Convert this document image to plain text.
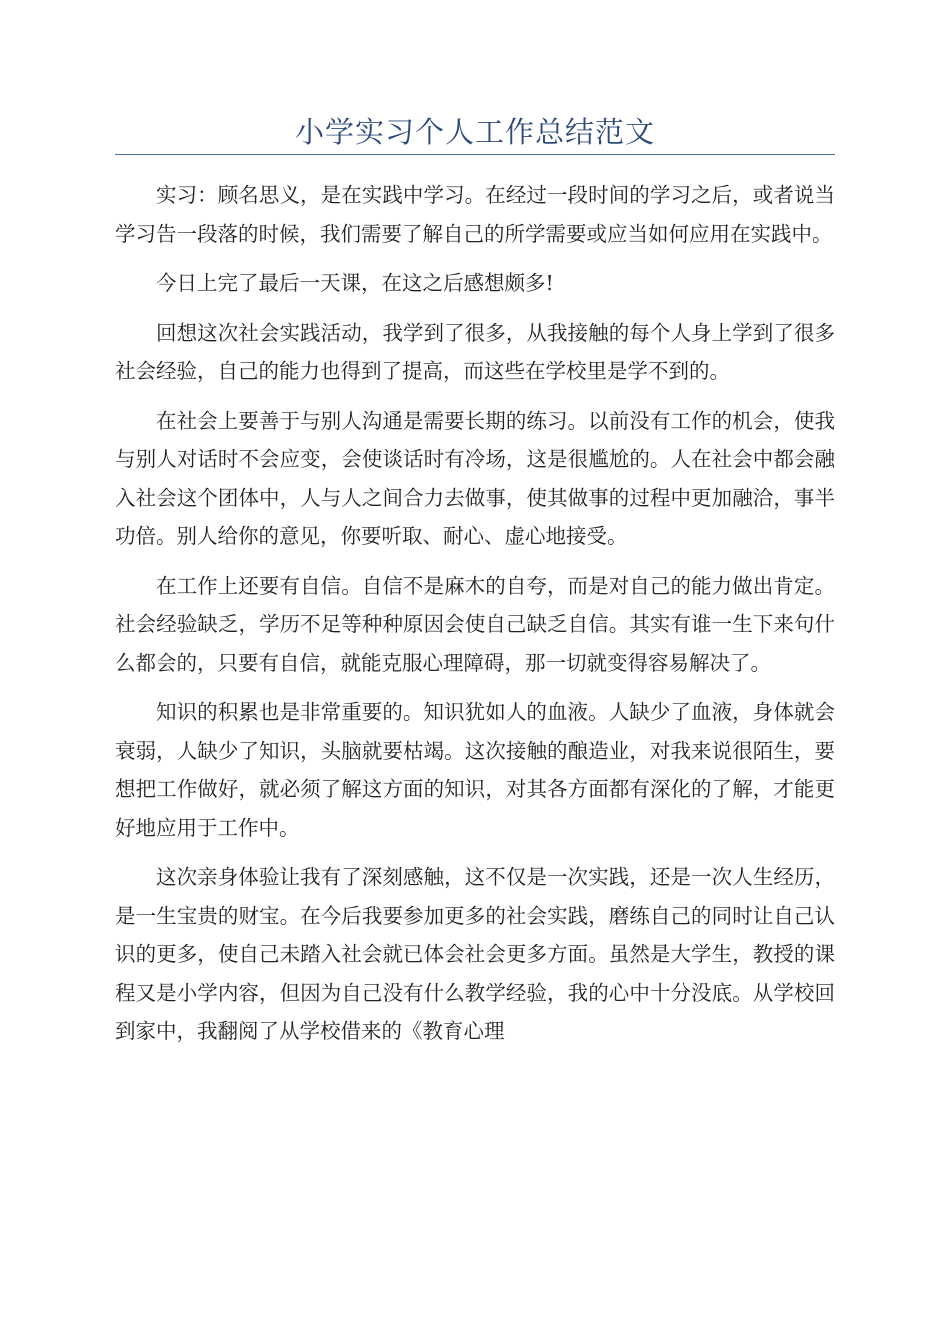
小学实习个人工作总结范文

实习：顾名思义，是在实践中学习。在经过一段时间的学习之后，或者说当学习告一段落的时候，我们需要了解自己的所学需要或应当如何应用在实践中。

今日上完了最后一天课，在这之后感想颇多!

回想这次社会实践活动，我学到了很多，从我接触的每个人身上学到了很多社会经验，自己的能力也得到了提高，而这些在学校里是学不到的。

在社会上要善于与别人沟通是需要长期的练习。以前没有工作的机会，使我与别人对话时不会应变，会使谈话时有冷场，这是很尴尬的。人在社会中都会融入社会这个团体中，人与人之间合力去做事，使其做事的过程中更加融洽，事半功倍。别人给你的意见，你要听取、耐心、虚心地接受。

在工作上还要有自信。自信不是麻木的自夸，而是对自己的能力做出肯定。社会经验缺乏，学历不足等种种原因会使自己缺乏自信。其实有谁一生下来句什么都会的，只要有自信，就能克服心理障碍，那一切就变得容易解决了。

知识的积累也是非常重要的。知识犹如人的血液。人缺少了血液，身体就会衰弱，人缺少了知识，头脑就要枯竭。这次接触的酿造业，对我来说很陌生，要想把工作做好，就必须了解这方面的知识，对其各方面都有深化的了解，才能更好地应用于工作中。

这次亲身体验让我有了深刻感触，这不仅是一次实践，还是一次人生经历，是一生宝贵的财宝。在今后我要参加更多的社会实践，磨练自己的同时让自己认识的更多，使自己未踏入社会就已体会社会更多方面。虽然是大学生，教授的课程又是小学内容，但因为自己没有什么教学经验，我的心中十分没底。从学校回到家中，我翻阅了从学校借来的《教育心理
